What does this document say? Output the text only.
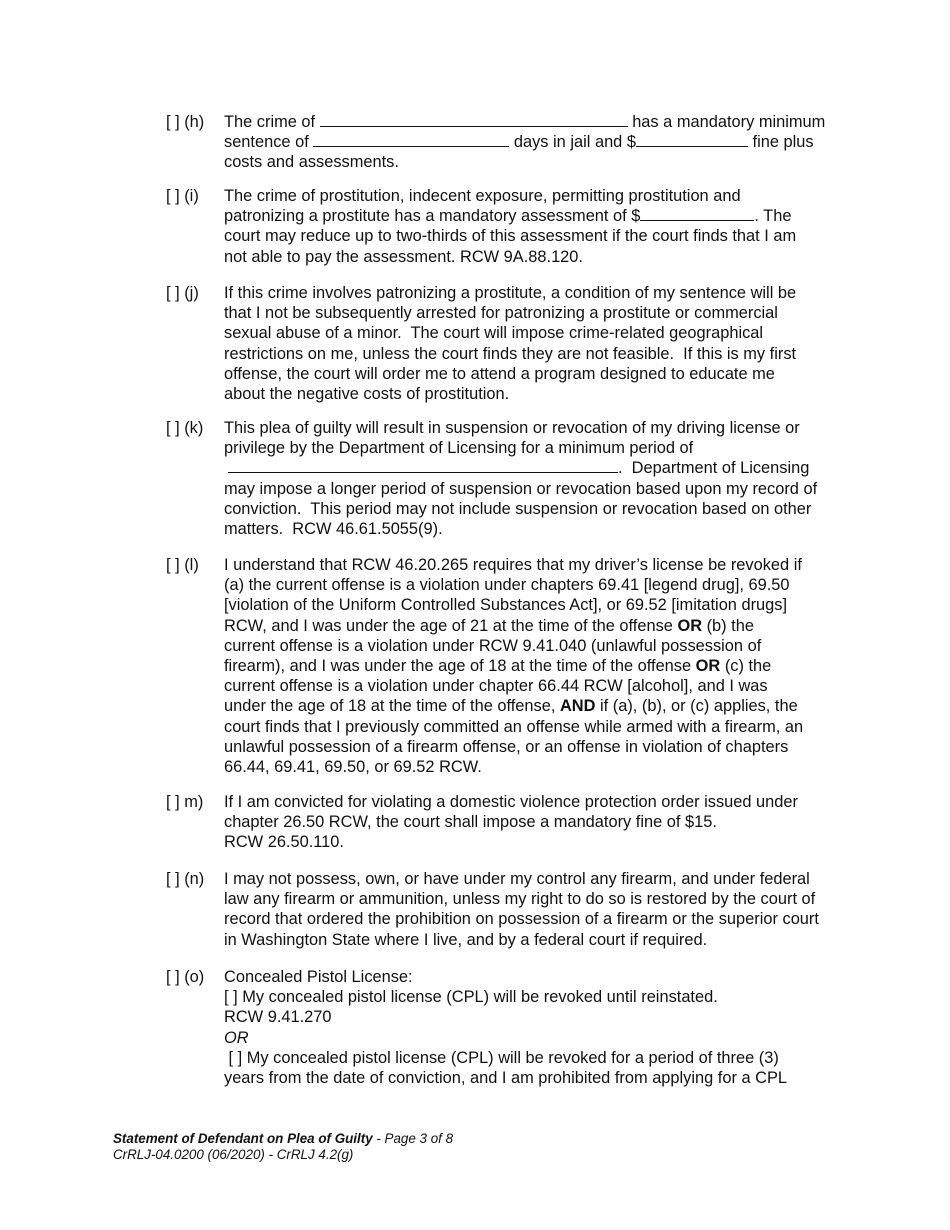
[ ] (h) The crime of	has a mandatory minimum
sentence of	days in jail and $	fine plus
costs and assessments.
[ ] (i) The crime of prostitution, indecent exposure, permitting prostitution and
patronizing a prostitute has a mandatory assessment of $	. The
court may reduce up to two-thirds of this assessment if the court finds that I am
not able to pay the assessment. RCW 9A.88.120.
[ ] (j) If this crime involves patronizing a prostitute, a condition of my sentence will be
that I not be subsequently arrested for patronizing a prostitute or commercial
sexual abuse of a minor.  The court will impose crime-related geographical
restrictions on me, unless the court finds they are not feasible.  If this is my first
offense, the court will order me to attend a program designed to educate me
about the negative costs of prostitution.
[ ] (k) This plea of guilty will result in suspension or revocation of my driving license or
privilege by the Department of Licensing for a minimum period of
.  Department of Licensing
may impose a longer period of suspension or revocation based upon my record of
conviction.  This period may not include suspension or revocation based on other
matters.  RCW 46.61.5055(9).
[ ] (l) I understand that RCW 46.20.265 requires that my driver’s license be revoked if
(a) the current offense is a violation under chapters 69.41 [legend drug], 69.50
[violation of the Uniform Controlled Substances Act], or 69.52 [imitation drugs]
RCW, and I was under the age of 21 at the time of the offense OR (b) the
current offense is a violation under RCW 9.41.040 (unlawful possession of
firearm), and I was under the age of 18 at the time of the offense OR (c) the
current offense is a violation under chapter 66.44 RCW [alcohol], and I was
under the age of 18 at the time of the offense, AND if (a), (b), or (c) applies, the
court finds that I previously committed an offense while armed with a firearm, an
unlawful possession of a firearm offense, or an offense in violation of chapters
66.44, 69.41, 69.50, or 69.52 RCW.
[ ] m) If I am convicted for violating a domestic violence protection order issued under
chapter 26.50 RCW, the court shall impose a mandatory fine of $15.
RCW 26.50.110.
[ ] (n) I may not possess, own, or have under my control any firearm, and under federal
law any firearm or ammunition, unless my right to do so is restored by the court of
record that ordered the prohibition on possession of a firearm or the superior court
in Washington State where I live, and by a federal court if required.
[ ] (o) Concealed Pistol License:
[ ] My concealed pistol license (CPL) will be revoked until reinstated.
RCW 9.41.270
OR
[ ] My concealed pistol license (CPL) will be revoked for a period of three (3)
years from the date of conviction, and I am prohibited from applying for a CPL
Statement of Defendant on Plea of Guilty - Page 3 of 8
CrRLJ-04.0200 (06/2020) - CrRLJ 4.2(g)
